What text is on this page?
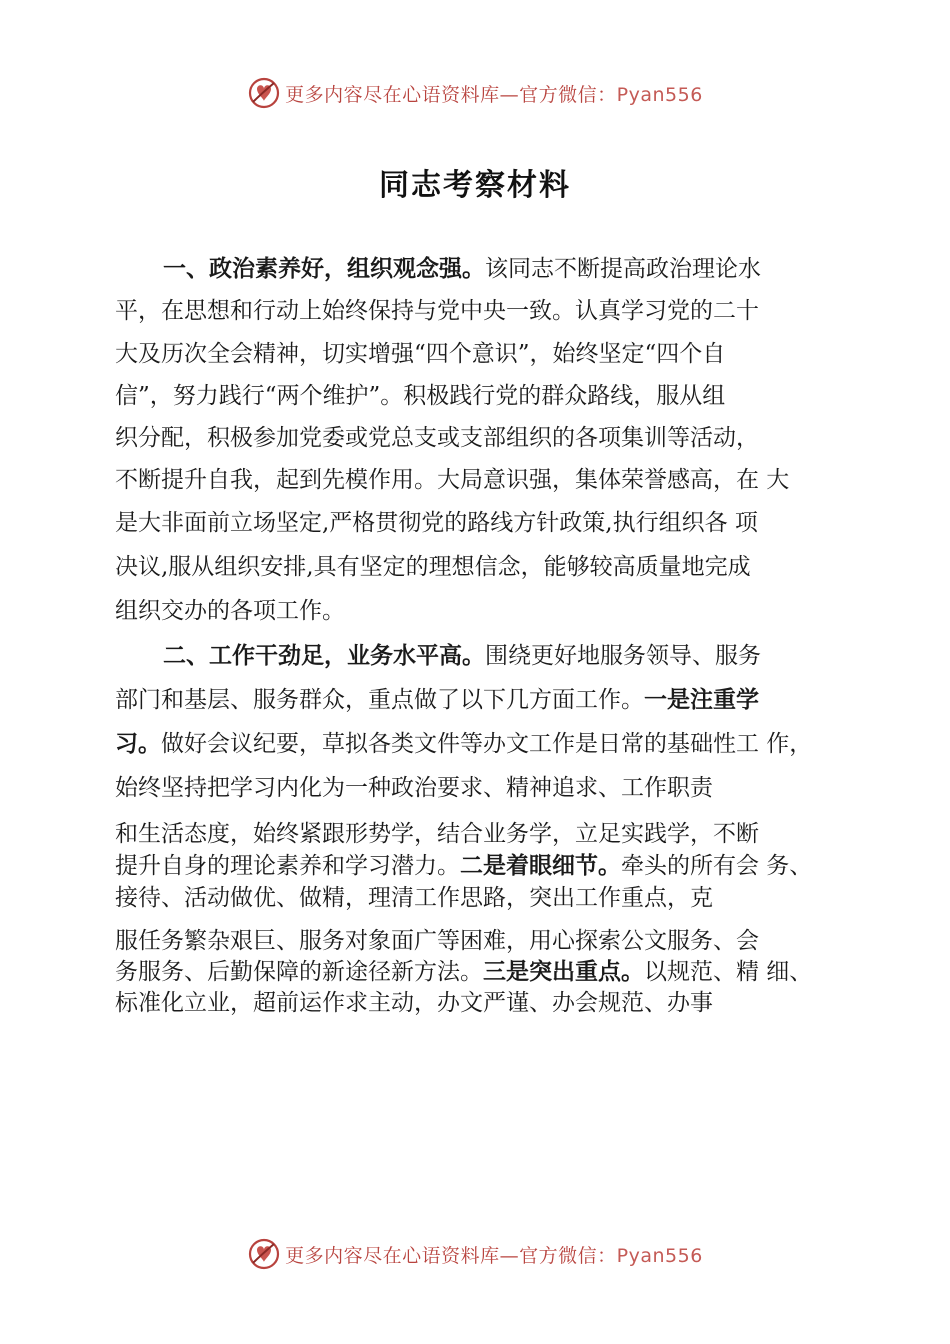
更多内容尽在心语资料库—官方微信：Pyan556
同志考察材料
一、政治素养好，组织观念强。该同志不断提高政治理论水
平，在思想和行动上始终保持与党中央一致。认真学习党的二十
大及历次全会精神，切实增强“四个意识”，始终坚定“四个自
信”，努力践行“两个维护”。积极践行党的群众路线，服从组
织分配，积极参加党委或党总支或支部组织的各项集训等活动，
不断提升自我，起到先模作用。大局意识强，集体荣誉感高，在 大
是大非面前立场坚定,严格贯彻党的路线方针政策,执行组织各 项
决议,服从组织安排,具有坚定的理想信念，能够较高质量地完成
组织交办的各项工作。
二、工作干劲足，业务水平高。围绕更好地服务领导、服务
部门和基层、服务群众，重点做了以下几方面工作。一是注重学
习。做好会议纪要，草拟各类文件等办文工作是日常的基础性工 作，
始终坚持把学习内化为一种政治要求、精神追求、工作职责
和生活态度，始终紧跟形势学，结合业务学，立足实践学，不断
提升自身的理论素养和学习潜力。二是着眼细节。牵头的所有会 务、
接待、活动做优、做精，理清工作思路，突出工作重点，克
服任务繁杂艰巨、服务对象面广等困难，用心探索公文服务、会
务服务、后勤保障的新途径新方法。三是突出重点。以规范、精 细、
标准化立业，超前运作求主动，办文严谨、办会规范、办事
更多内容尽在心语资料库—官方微信：Pyan556
